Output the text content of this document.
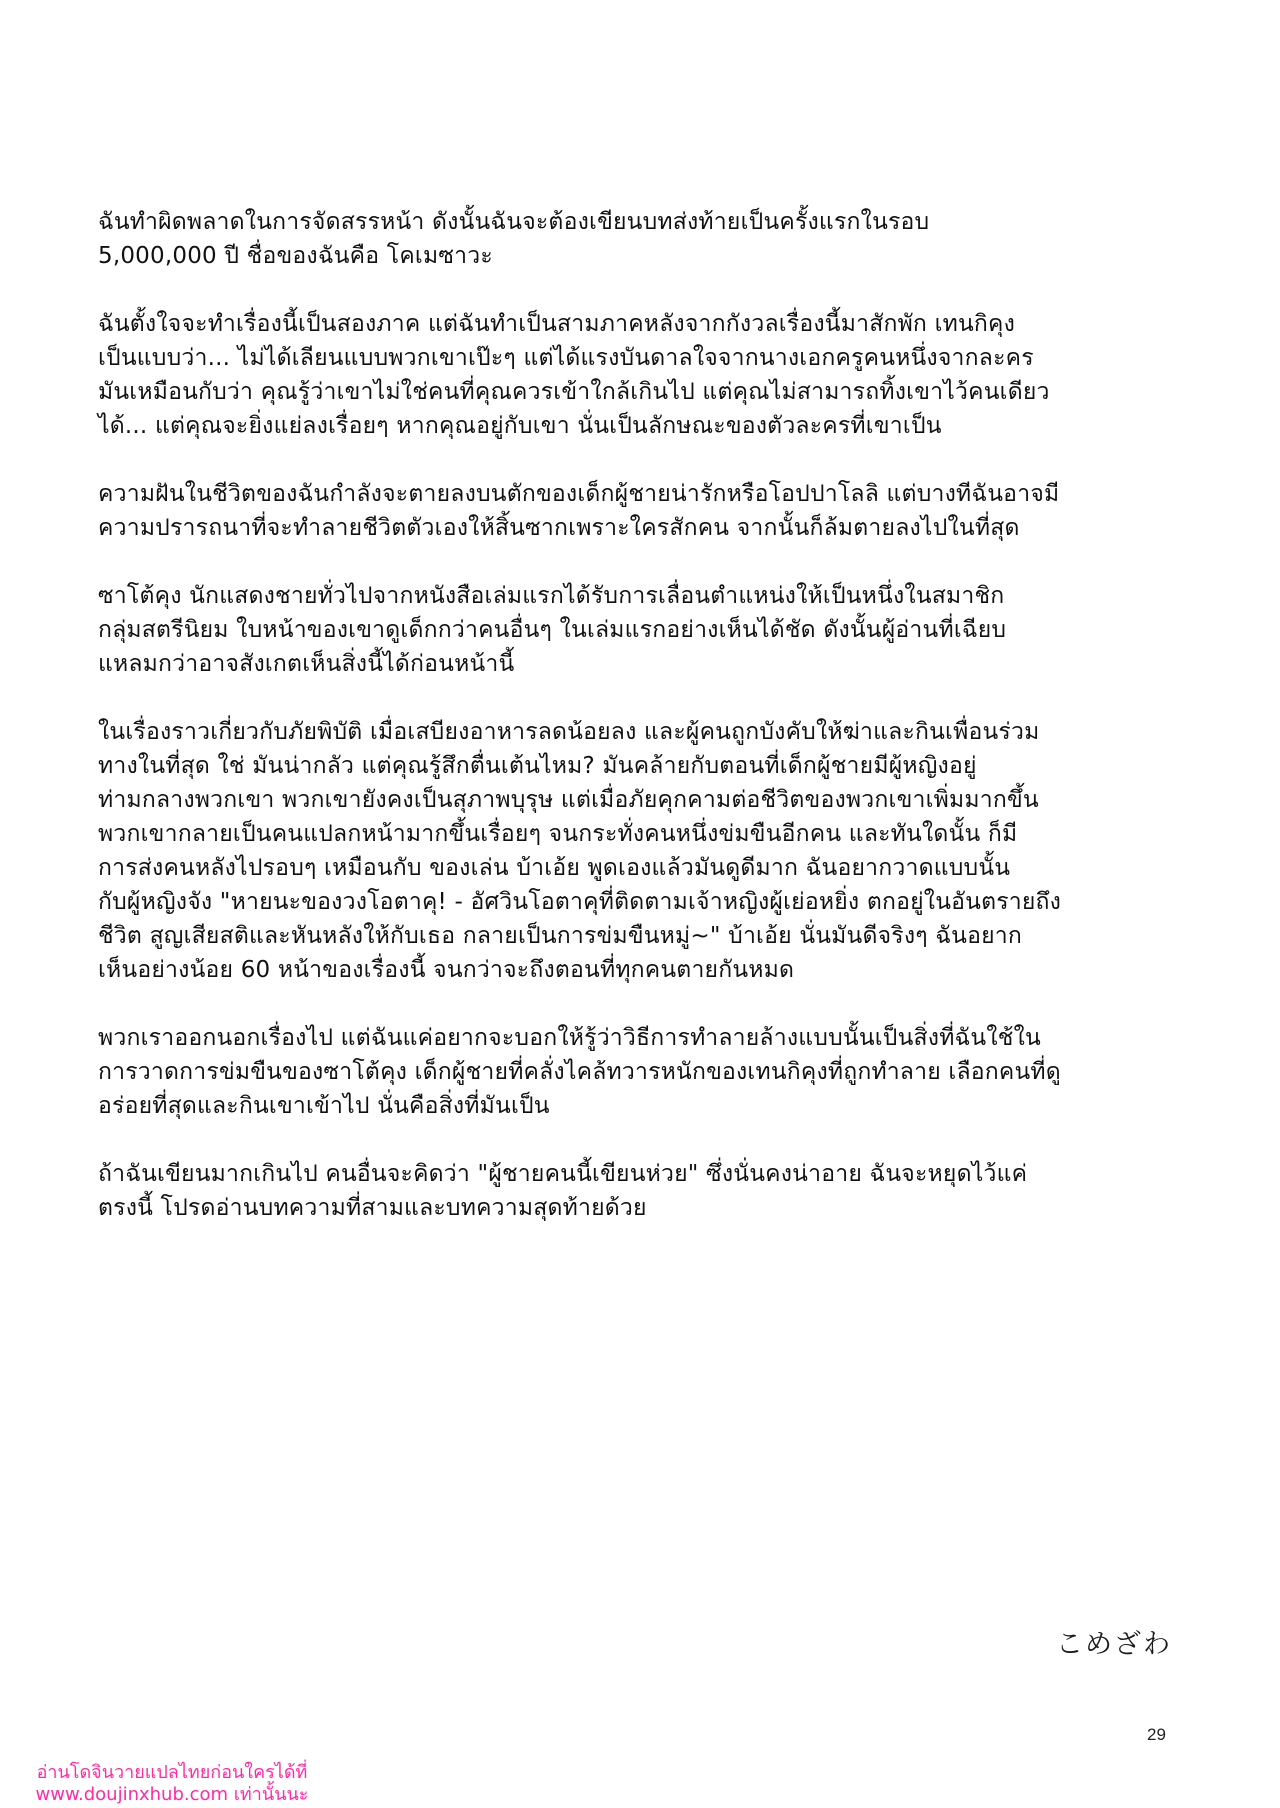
ฉันทำผิดพลาดในการจัดสรรหน้า ดังนั้นฉันจะต้องเขียนบทส่งท้ายเป็นครั้งแรกในรอบ
5,000,000 ปี ชื่อของฉันคือ โคเมซาวะ
ฉันตั้งใจจะทำเรื่องนี้เป็นสองภาค แต่ฉันทำเป็นสามภาคหลังจากกังวลเรื่องนี้มาสักพัก เทนกิคุง
เป็นแบบว่า... ไม่ได้เลียนแบบพวกเขาเป๊ะๆ แต่ได้แรงบันดาลใจจากนางเอกครูคนหนึ่งจากละคร
มันเหมือนกับว่า คุณรู้ว่าเขาไม่ใช่คนที่คุณควรเข้าใกล้เกินไป แต่คุณไม่สามารถทิ้งเขาไว้คนเดียว
ได้... แต่คุณจะยิ่งแย่ลงเรื่อยๆ หากคุณอยู่กับเขา นั่นเป็นลักษณะของตัวละครที่เขาเป็น
ความฝันในชีวิตของฉันกำลังจะตายลงบนตักของเด็กผู้ชายน่ารักหรือโอปปาโลลิ แต่บางทีฉันอาจมี
ความปรารถนาที่จะทำลายชีวิตตัวเองให้สิ้นซากเพราะใครสักคน จากนั้นก็ล้มตายลงไปในที่สุด
ซาโต้คุง นักแสดงชายทั่วไปจากหนังสือเล่มแรกได้รับการเลื่อนตำแหน่งให้เป็นหนึ่งในสมาชิก
กลุ่มสตรีนิยม ใบหน้าของเขาดูเด็กกว่าคนอื่นๆ ในเล่มแรกอย่างเห็นได้ชัด ดังนั้นผู้อ่านที่เฉียบ
แหลมกว่าอาจสังเกตเห็นสิ่งนี้ได้ก่อนหน้านี้
ในเรื่องราวเกี่ยวกับภัยพิบัติ เมื่อเสบียงอาหารลดน้อยลง และผู้คนถูกบังคับให้ฆ่าและกินเพื่อนร่วม
ทางในที่สุด ใช่ มันน่ากลัว แต่คุณรู้สึกตื่นเต้นไหม? มันคล้ายกับตอนที่เด็กผู้ชายมีผู้หญิงอยู่
ท่ามกลางพวกเขา พวกเขายังคงเป็นสุภาพบุรุษ แต่เมื่อภัยคุกคามต่อชีวิตของพวกเขาเพิ่มมากขึ้น
พวกเขากลายเป็นคนแปลกหน้ามากขึ้นเรื่อยๆ จนกระทั่งคนหนึ่งข่มขืนอีกคน และทันใดนั้น ก็มี
การส่งคนหลังไปรอบๆ เหมือนกับ ของเล่น บ้าเอ้ย พูดเองแล้วมันดูดีมาก ฉันอยากวาดแบบนั้น
กับผู้หญิงจัง "หายนะของวงโอตาคุ! - อัศวินโอตาคุที่ติดตามเจ้าหญิงผู้เย่อหยิ่ง ตกอยู่ในอันตรายถึง
ชีวิต สูญเสียสติและหันหลังให้กับเธอ กลายเป็นการข่มขืนหมู่~" บ้าเอ้ย นั่นมันดีจริงๆ ฉันอยาก
เห็นอย่างน้อย 60 หน้าของเรื่องนี้ จนกว่าจะถึงตอนที่ทุกคนตายกันหมด
พวกเราออกนอกเรื่องไป แต่ฉันแค่อยากจะบอกให้รู้ว่าวิธีการทำลายล้างแบบนั้นเป็นสิ่งที่ฉันใช้ใน
การวาดการข่มขืนของซาโต้คุง เด็กผู้ชายที่คลั่งไคล้ทวารหนักของเทนกิคุงที่ถูกทำลาย เลือกคนที่ดู
อร่อยที่สุดและกินเขาเข้าไป นั่นคือสิ่งที่มันเป็น
ถ้าฉันเขียนมากเกินไป คนอื่นจะคิดว่า "ผู้ชายคนนี้เขียนห่วย" ซึ่งนั่นคงน่าอาย ฉันจะหยุดไว้แค่
ตรงนี้ โปรดอ่านบทความที่สามและบทความสุดท้ายด้วย
こめざわ
29
อ่านโดจินวายแปลไทยก่อนใครได้ที่
www.doujinxhub.com เท่านั้นนะ
